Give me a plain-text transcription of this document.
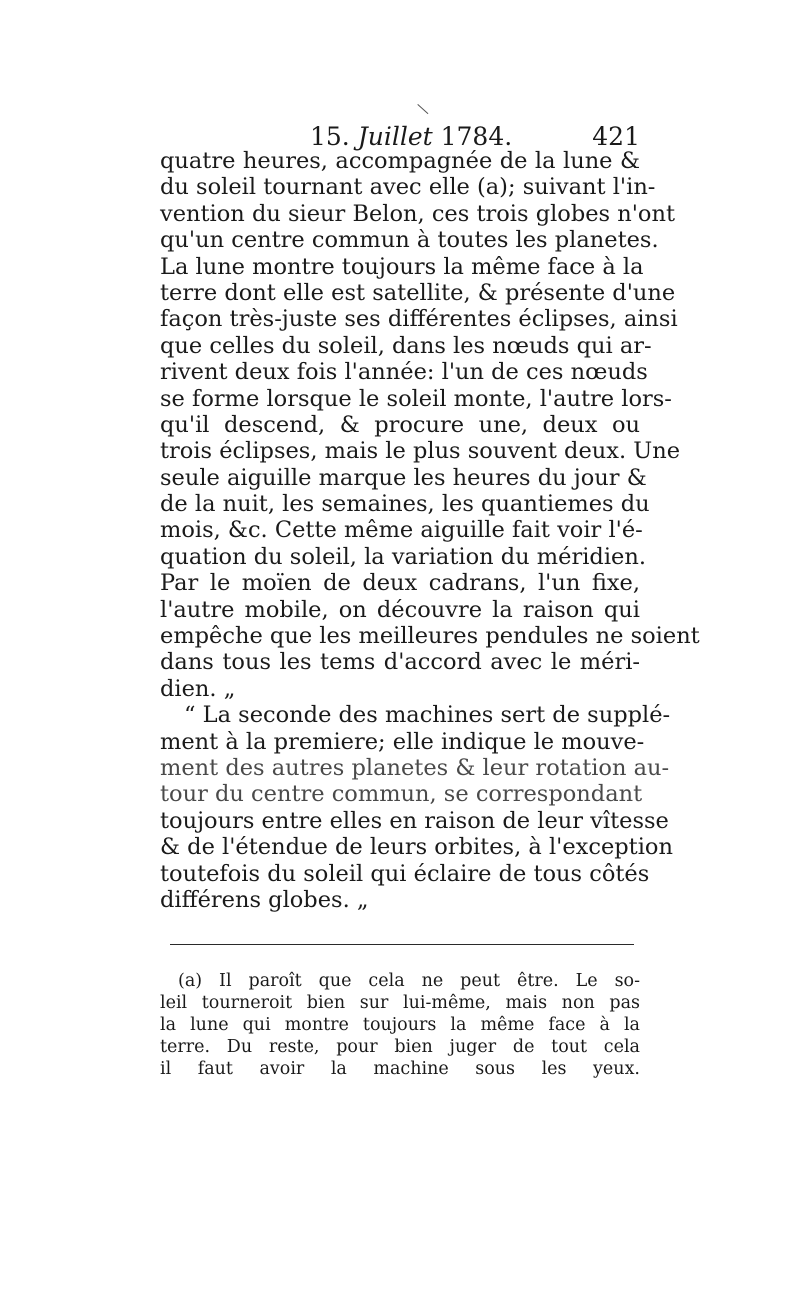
15. Juillet 1784.	421
quatre heures, accompagnée de la lune &
du soleil tournant avec elle (a); suivant l'in-
vention du sieur Belon, ces trois globes n'ont
qu'un centre commun à toutes les planetes.
La lune montre toujours la même face à la
terre dont elle est satellite, & présente d'une
façon très-juste ses différentes éclipses, ainsi
que celles du soleil, dans les nœuds qui ar-
rivent deux fois l'année: l'un de ces nœuds
se forme lorsque le soleil monte, l'autre lors-
qu'il descend, & procure une, deux ou
trois éclipses, mais le plus souvent deux. Une
seule aiguille marque les heures du jour &
de la nuit, les semaines, les quantiemes du
mois, &c. Cette même aiguille fait voir l'é-
quation du soleil, la variation du méridien.
Par le moïen de deux cadrans, l'un fixe,
l'autre mobile, on découvre la raison qui
empêche que les meilleures pendules ne soient
dans tous les tems d'accord avec le méri-
dien. „
“ La seconde des machines sert de supplé-
ment à la premiere; elle indique le mouve-
ment des autres planetes & leur rotation au-
tour du centre commun, se correspondant
toujours entre elles en raison de leur vîtesse
& de l'étendue de leurs orbites, à l'exception
toutefois du soleil qui éclaire de tous côtés
différens globes. „
(a) Il paroît que cela ne peut être. Le so-
leil tourneroit bien sur lui-même, mais non pas
la lune qui montre toujours la même face à la
terre. Du reste, pour bien juger de tout cela
il faut avoir la machine sous les yeux.
